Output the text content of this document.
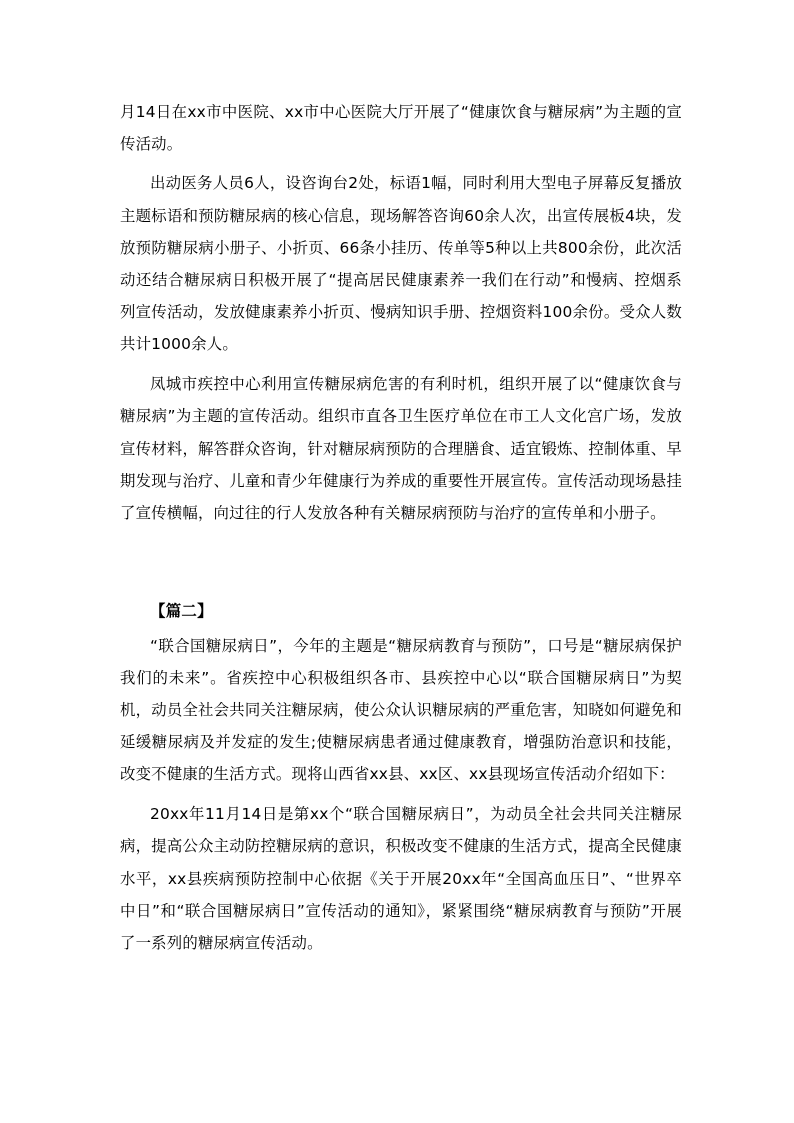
月14日在xx市中医院、xx市中心医院大厅开展了“健康饮食与糖尿病”为主题的宣传活动。

出动医务人员6人，设咨询台2处，标语1幅，同时利用大型电子屏幕反复播放主题标语和预防糖尿病的核心信息，现场解答咨询60余人次，出宣传展板4块，发放预防糖尿病小册子、小折页、66条小挂历、传单等5种以上共800余份，此次活动还结合糖尿病日积极开展了“提高居民健康素养一我们在行动”和慢病、控烟系列宣传活动，发放健康素养小折页、慢病知识手册、控烟资料100余份。受众人数共计1000余人。

凤城市疾控中心利用宣传糖尿病危害的有利时机，组织开展了以“健康饮食与糖尿病”为主题的宣传活动。组织市直各卫生医疗单位在市工人文化宫广场，发放宣传材料，解答群众咨询，针对糖尿病预防的合理膳食、适宜锻炼、控制体重、早期发现与治疗、儿童和青少年健康行为养成的重要性开展宣传。宣传活动现场悬挂了宣传横幅，向过往的行人发放各种有关糖尿病预防与治疗的宣传单和小册子。

【篇二】

“联合国糖尿病日”，今年的主题是“糖尿病教育与预防”，口号是“糖尿病保护我们的未来”。省疾控中心积极组织各市、县疾控中心以“联合国糖尿病日”为契机，动员全社会共同关注糖尿病，使公众认识糖尿病的严重危害，知晓如何避免和延缓糖尿病及并发症的发生;使糖尿病患者通过健康教育，增强防治意识和技能，改变不健康的生活方式。现将山西省xx县、xx区、xx县现场宣传活动介绍如下：

20xx年11月14日是第xx个“联合国糖尿病日”，为动员全社会共同关注糖尿病，提高公众主动防控糖尿病的意识，积极改变不健康的生活方式，提高全民健康水平，xx县疾病预防控制中心依据《关于开展20xx年“全国高血压日”、“世界卒中日”和“联合国糖尿病日”宣传活动的通知》，紧紧围绕“糖尿病教育与预防”开展了一系列的糖尿病宣传活动。
